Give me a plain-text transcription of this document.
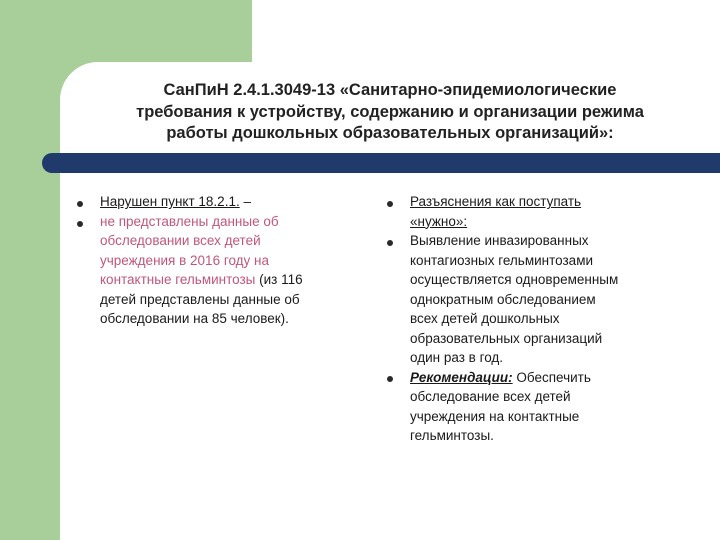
СанПиН 2.4.1.3049-13 «Санитарно-эпидемиологические
требования к устройству, содержанию и организации режима
работы дошкольных образовательных организаций»:
Нарушен пункт 18.2.1. –
не представлены данные об
обследовании всех детей
учреждения в 2016 году на
контактные гельминтозы (из 116
детей представлены данные об
обследовании на 85 человек).
Разъяснения как поступать
«нужно»:
Выявление инвазированных
контагиозных гельминтозами
осуществляется одновременным
однократным обследованием
всех детей дошкольных
образовательных организаций
один раз в год.
Рекомендации: Обеспечить
обследование всех детей
учреждения на контактные
гельминтозы.
